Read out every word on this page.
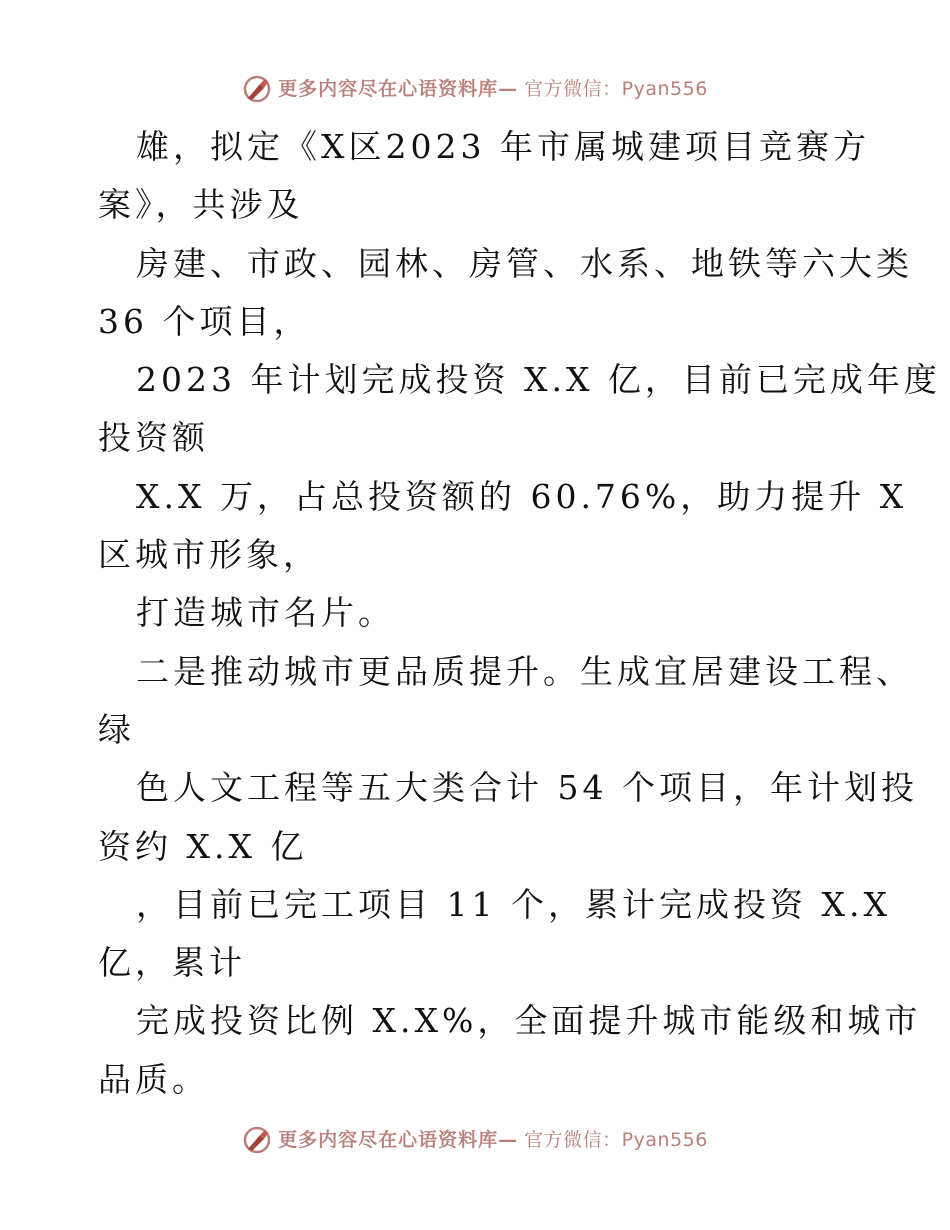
更多内容尽在心语资料库— 官方微信：Pyan556
雄，拟定《X区2023 年市属城建项目竞赛方
案》，共涉及
房建、市政、园林、房管、水系、地铁等六大类
36 个项目，
2023 年计划完成投资 X.X 亿，目前已完成年度
投资额
X.X 万，占总投资额的 60.76%，助力提升 X
区城市形象，
打造城市名片。
二是推动城市更品质提升。生成宜居建设工程、
绿
色人文工程等五大类合计 54 个项目，年计划投
资约 X.X 亿
，目前已完工项目 11 个，累计完成投资 X.X
亿，累计
完成投资比例 X.X%，全面提升城市能级和城市
品质。
更多内容尽在心语资料库— 官方微信：Pyan556
